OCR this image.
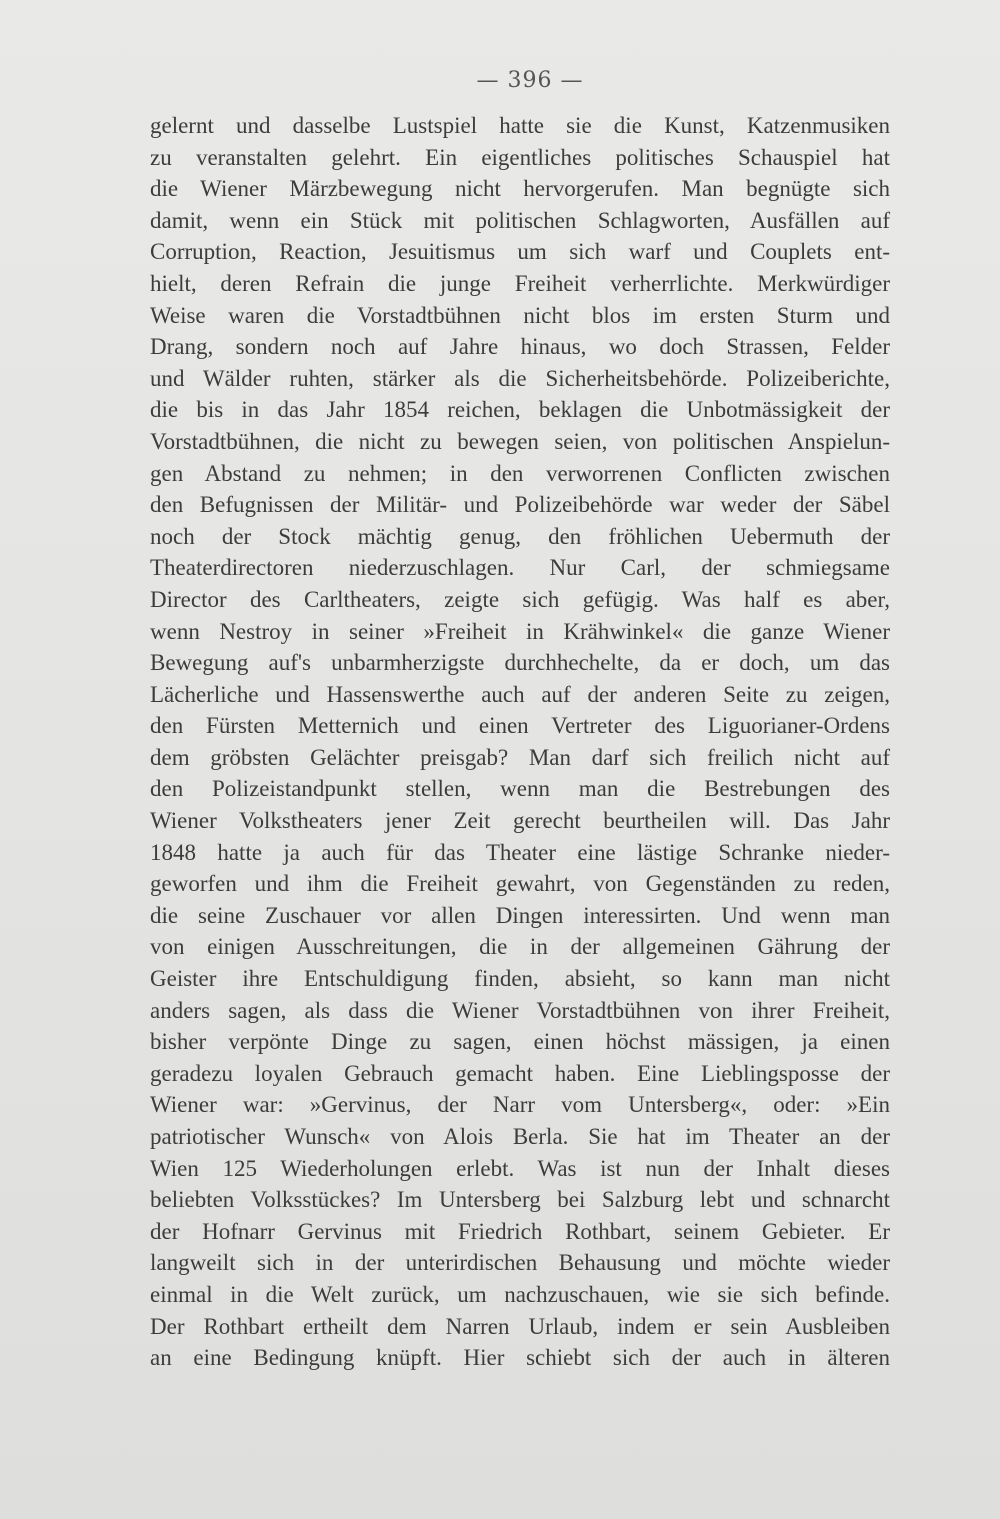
— 396 —
gelernt und dasselbe Lustspiel hatte sie die Kunst, Katzenmusiken
zu veranstalten gelehrt. Ein eigentliches politisches Schauspiel hat
die Wiener Märzbewegung nicht hervorgerufen. Man begnügte sich
damit, wenn ein Stück mit politischen Schlagworten, Ausfällen auf
Corruption, Reaction, Jesuitismus um sich warf und Couplets ent-
hielt, deren Refrain die junge Freiheit verherrlichte. Merkwürdiger
Weise waren die Vorstadtbühnen nicht blos im ersten Sturm und
Drang, sondern noch auf Jahre hinaus, wo doch Strassen, Felder
und Wälder ruhten, stärker als die Sicherheitsbehörde. Polizeiberichte,
die bis in das Jahr 1854 reichen, beklagen die Unbotmässigkeit der
Vorstadtbühnen, die nicht zu bewegen seien, von politischen Anspielun-
gen Abstand zu nehmen; in den verworrenen Conflicten zwischen
den Befugnissen der Militär- und Polizeibehörde war weder der Säbel
noch der Stock mächtig genug, den fröhlichen Uebermuth der
Theaterdirectoren niederzuschlagen. Nur Carl, der schmiegsame
Director des Carltheaters, zeigte sich gefügig. Was half es aber,
wenn Nestroy in seiner »Freiheit in Krähwinkel« die ganze Wiener
Bewegung auf's unbarmherzigste durchhechelte, da er doch, um das
Lächerliche und Hassenswerthe auch auf der anderen Seite zu zeigen,
den Fürsten Metternich und einen Vertreter des Liguorianer-Ordens
dem gröbsten Gelächter preisgab? Man darf sich freilich nicht auf
den Polizeistandpunkt stellen, wenn man die Bestrebungen des
Wiener Volkstheaters jener Zeit gerecht beurtheilen will. Das Jahr
1848 hatte ja auch für das Theater eine lästige Schranke nieder-
geworfen und ihm die Freiheit gewahrt, von Gegenständen zu reden,
die seine Zuschauer vor allen Dingen interessirten. Und wenn man
von einigen Ausschreitungen, die in der allgemeinen Gährung der
Geister ihre Entschuldigung finden, absieht, so kann man nicht
anders sagen, als dass die Wiener Vorstadtbühnen von ihrer Freiheit,
bisher verpönte Dinge zu sagen, einen höchst mässigen, ja einen
geradezu loyalen Gebrauch gemacht haben. Eine Lieblingsposse der
Wiener war: »Gervinus, der Narr vom Untersberg«, oder: »Ein
patriotischer Wunsch« von Alois Berla. Sie hat im Theater an der
Wien 125 Wiederholungen erlebt. Was ist nun der Inhalt dieses
beliebten Volksstückes? Im Untersberg bei Salzburg lebt und schnarcht
der Hofnarr Gervinus mit Friedrich Rothbart, seinem Gebieter. Er
langweilt sich in der unterirdischen Behausung und möchte wieder
einmal in die Welt zurück, um nachzuschauen, wie sie sich befinde.
Der Rothbart ertheilt dem Narren Urlaub, indem er sein Ausbleiben
an eine Bedingung knüpft. Hier schiebt sich der auch in älteren
